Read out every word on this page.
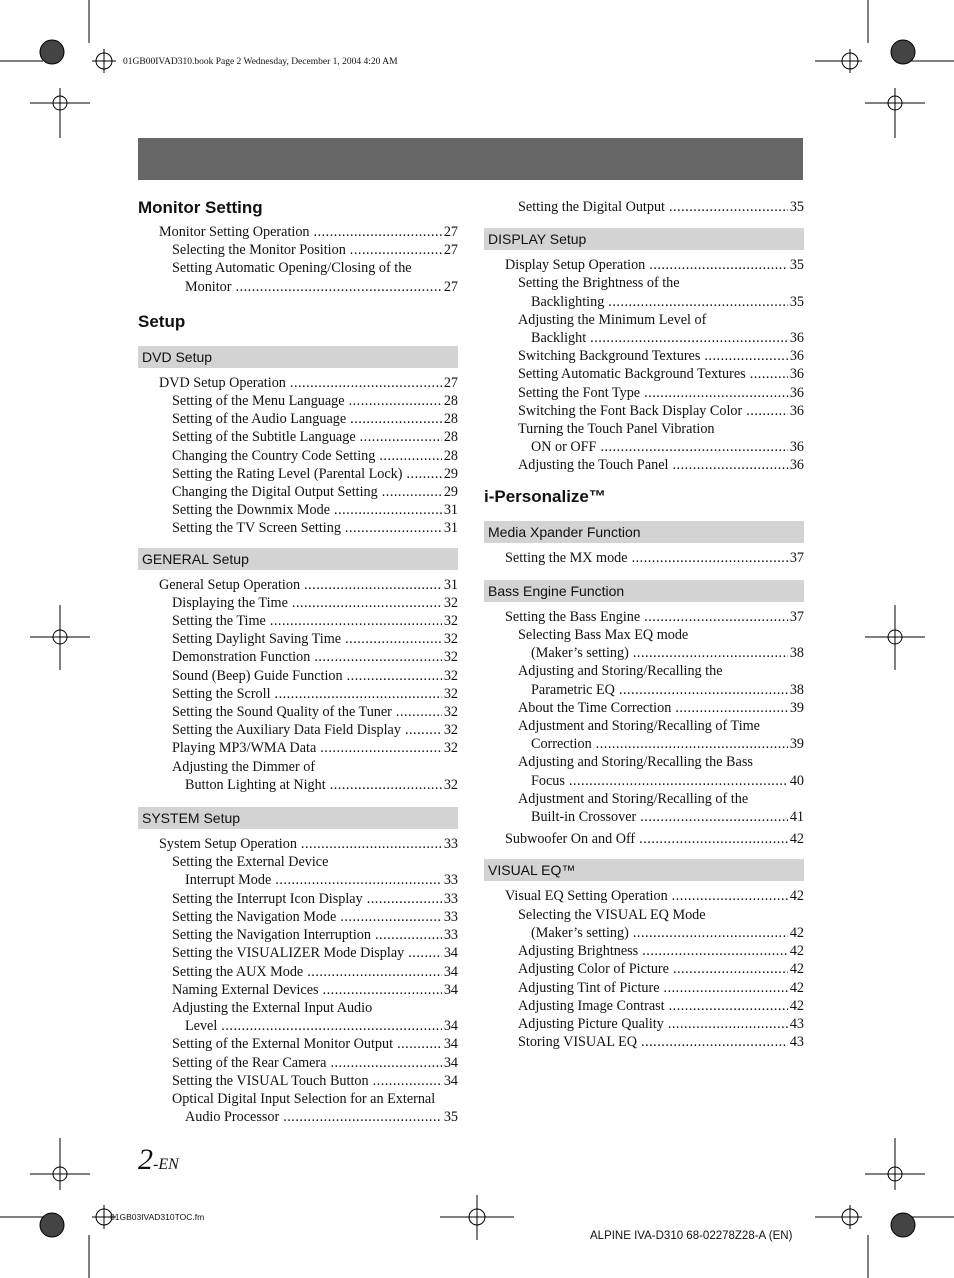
01GB00IVAD310.book Page 2 Wednesday, December 1, 2004 4:20 AM
Monitor Setting
Monitor Setting Operation .....	27
Selecting the Monitor Position .....	27
Setting Automatic Opening/Closing of the
Monitor .....	27
Setup
DVD Setup
DVD Setup Operation .....	27
Setting of the Menu Language .....	28
Setting of the Audio Language .....	28
Setting of the Subtitle Language .....	28
Changing the Country Code Setting .....	28
Setting the Rating Level (Parental Lock) .....	29
Changing the Digital Output Setting .....	29
Setting the Downmix Mode .....	31
Setting the TV Screen Setting .....	31
GENERAL Setup
General Setup Operation .....	31
Displaying the Time .....	32
Setting the Time .....	32
Setting Daylight Saving Time .....	32
Demonstration Function .....	32
Sound (Beep) Guide Function .....	32
Setting the Scroll .....	32
Setting the Sound Quality of the Tuner .....	32
Setting the Auxiliary Data Field Display .....	32
Playing MP3/WMA Data .....	32
Adjusting the Dimmer of
Button Lighting at Night .....	32
SYSTEM Setup
System Setup Operation .....	33
Setting the External Device
Interrupt Mode .....	33
Setting the Interrupt Icon Display .....	33
Setting the Navigation Mode .....	33
Setting the Navigation Interruption .....	33
Setting the VISUALIZER Mode Display .....	34
Setting the AUX Mode .....	34
Naming External Devices .....	34
Adjusting the External Input Audio
Level .....	34
Setting of the External Monitor Output .....	34
Setting of the Rear Camera .....	34
Setting the VISUAL Touch Button .....	34
Optical Digital Input Selection for an External
Audio Processor .....	35
Setting the Digital Output .....	35
DISPLAY Setup
Display Setup Operation .....	35
Setting the Brightness of the
Backlighting .....	35
Adjusting the Minimum Level of
Backlight .....	36
Switching Background Textures .....	36
Setting Automatic Background Textures .....	36
Setting the Font Type .....	36
Switching the Font Back Display Color .....	36
Turning the Touch Panel Vibration
ON or OFF .....	36
Adjusting the Touch Panel .....	36
i-Personalize™
Media Xpander Function
Setting the MX mode .....	37
Bass Engine Function
Setting the Bass Engine .....	37
Selecting Bass Max EQ mode
(Maker’s setting) .....	38
Adjusting and Storing/Recalling the
Parametric EQ .....	38
About the Time Correction .....	39
Adjustment and Storing/Recalling of Time
Correction .....	39
Adjusting and Storing/Recalling the Bass
Focus .....	40
Adjustment and Storing/Recalling of the
Built-in Crossover .....	41
Subwoofer On and Off .....	42
VISUAL EQ™
Visual EQ Setting Operation .....	42
Selecting the VISUAL EQ Mode
(Maker’s setting) .....	42
Adjusting Brightness .....	42
Adjusting Color of Picture .....	42
Adjusting Tint of Picture .....	42
Adjusting Image Contrast .....	42
Adjusting Picture Quality .....	43
Storing VISUAL EQ .....	43
2-EN
01GB03IVAD310TOC.fm
ALPINE IVA-D310 68-02278Z28-A (EN)
